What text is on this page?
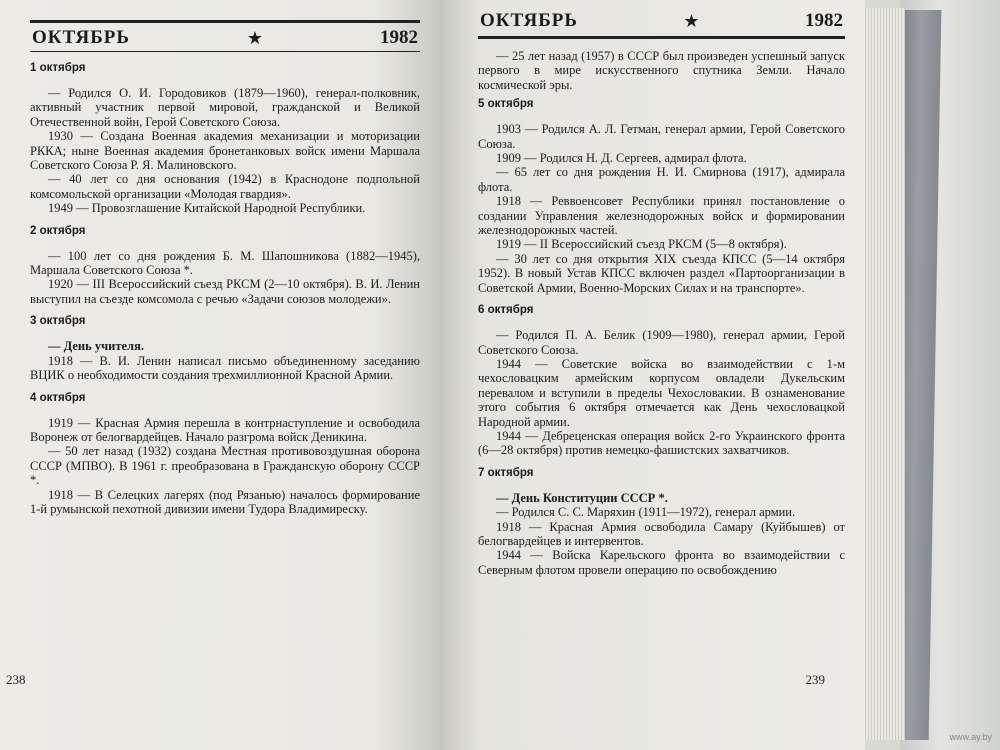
ОКТЯБРЬ	★	1982
1 октября
— Родился О. И. Городовиков (1879—1960), генерал-полковник, активный участник первой мировой, гражданской и Великой Отечественной войн, Герой Советского Союза.
1930 — Создана Военная академия механизации и моторизации РККА; ныне Военная академия бронетанковых войск имени Маршала Советского Союза Р. Я. Малиновского.
— 40 лет со дня основания (1942) в Краснодоне подпольной комсомольской организации «Молодая гвардия».
1949 — Провозглашение Китайской Народной Республики.
2 октября
— 100 лет со дня рождения Б. М. Шапошникова (1882—1945), Маршала Советского Союза *.
1920 — III Всероссийский съезд РКСМ (2—10 октября). В. И. Ленин выступил на съезде комсомола с речью «Задачи союзов молодежи».
3 октября
— День учителя.
1918 — В. И. Ленин написал письмо объединенному заседанию ВЦИК о необходимости создания трехмиллионной Красной Армии.
4 октября
1919 — Красная Армия перешла в контрнаступление и освободила Воронеж от белогвардейцев. Начало разгрома войск Деникина.
— 50 лет назад (1932) создана Местная противовоздушная оборона СССР (МПВО). В 1961 г. преобразована в Гражданскую оборону СССР *.
1918 — В Селецких лагерях (под Рязанью) началось формирование 1-й румынской пехотной дивизии имени Тудора Владимиреску.
238
ОКТЯБРЬ	★	1982
— 25 лет назад (1957) в СССР был произведен успешный запуск первого в мире искусственного спутника Земли. Начало космической эры.
5 октября
1903 — Родился А. Л. Гетман, генерал армии, Герой Советского Союза.
1909 — Родился Н. Д. Сергеев, адмирал флота.
— 65 лет со дня рождения Н. И. Смирнова (1917), адмирала флота.
1918 — Реввоенсовет Республики принял постановление о создании Управления железнодорожных войск и формировании железнодорожных частей.
1919 — II Всероссийский съезд РКСМ (5—8 октября).
— 30 лет со дня открытия XIX съезда КПСС (5—14 октября 1952). В новый Устав КПСС включен раздел «Партоорганизации в Советской Армии, Военно-Морских Силах и на транспорте».
6 октября
— Родился П. А. Белик (1909—1980), генерал армии, Герой Советского Союза.
1944 — Советские войска во взаимодействии с 1-м чехословацким армейским корпусом овладели Дукельским перевалом и вступили в пределы Чехословакии. В ознаменование этого события 6 октября отмечается как День чехословацкой Народной армии.
1944 — Дебреценская операция войск 2-го Украинского фронта (6—28 октября) против немецко-фашистских захватчиков.
7 октября
— День Конституции СССР *.
— Родился С. С. Маряхин (1911—1972), генерал армии.
1918 — Красная Армия освободила Самару (Куйбышев) от белогвардейцев и интервентов.
1944 — Войска Карельского фронта во взаимодействии с Северным флотом провели операцию по освобождению
239
www.ay.by
